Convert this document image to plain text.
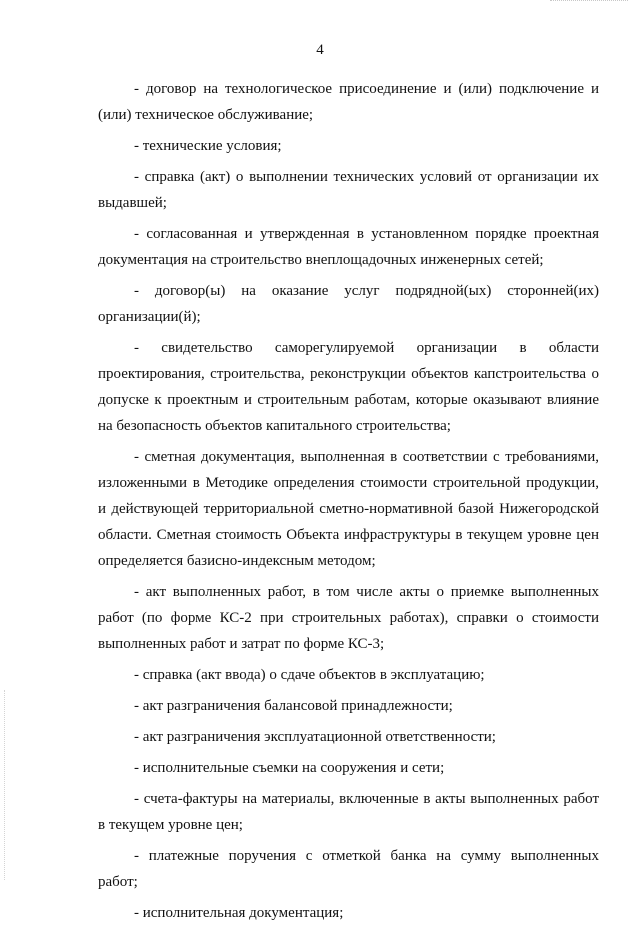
4
- договор на технологическое присоединение и (или) подключение и
(или) техническое обслуживание;
- технические условия;
- справка (акт) о выполнении технических условий от организации их
выдавшей;
- согласованная и утвержденная в установленном порядке проектная
документация на строительство внеплощадочных инженерных сетей;
- договор(ы) на оказание услуг подрядной(ых) сторонней(их)
организации(й);
- свидетельство саморегулируемой организации в области
проектирования, строительства, реконструкции объектов капстроительства о
допуске к проектным и строительным работам, которые оказывают влияние
на безопасность объектов капитального строительства;
- сметная документация, выполненная в соответствии с требованиями,
изложенными в Методике определения стоимости строительной продукции,
и действующей территориальной сметно-нормативной базой Нижегородской
области. Сметная стоимость Объекта инфраструктуры в текущем уровне цен
определяется базисно-индексным методом;
- акт выполненных работ, в том числе акты о приемке выполненных
работ (по форме КС-2 при строительных работах), справки о стоимости
выполненных работ и затрат по форме КС-3;
- справка (акт ввода) о сдаче объектов в эксплуатацию;
- акт разграничения балансовой принадлежности;
- акт разграничения эксплуатационной ответственности;
- исполнительные съемки на сооружения и сети;
- счета-фактуры на материалы, включенные в акты выполненных работ
в текущем уровне цен;
- платежные поручения с отметкой банка на сумму выполненных
работ;
- исполнительная документация;
